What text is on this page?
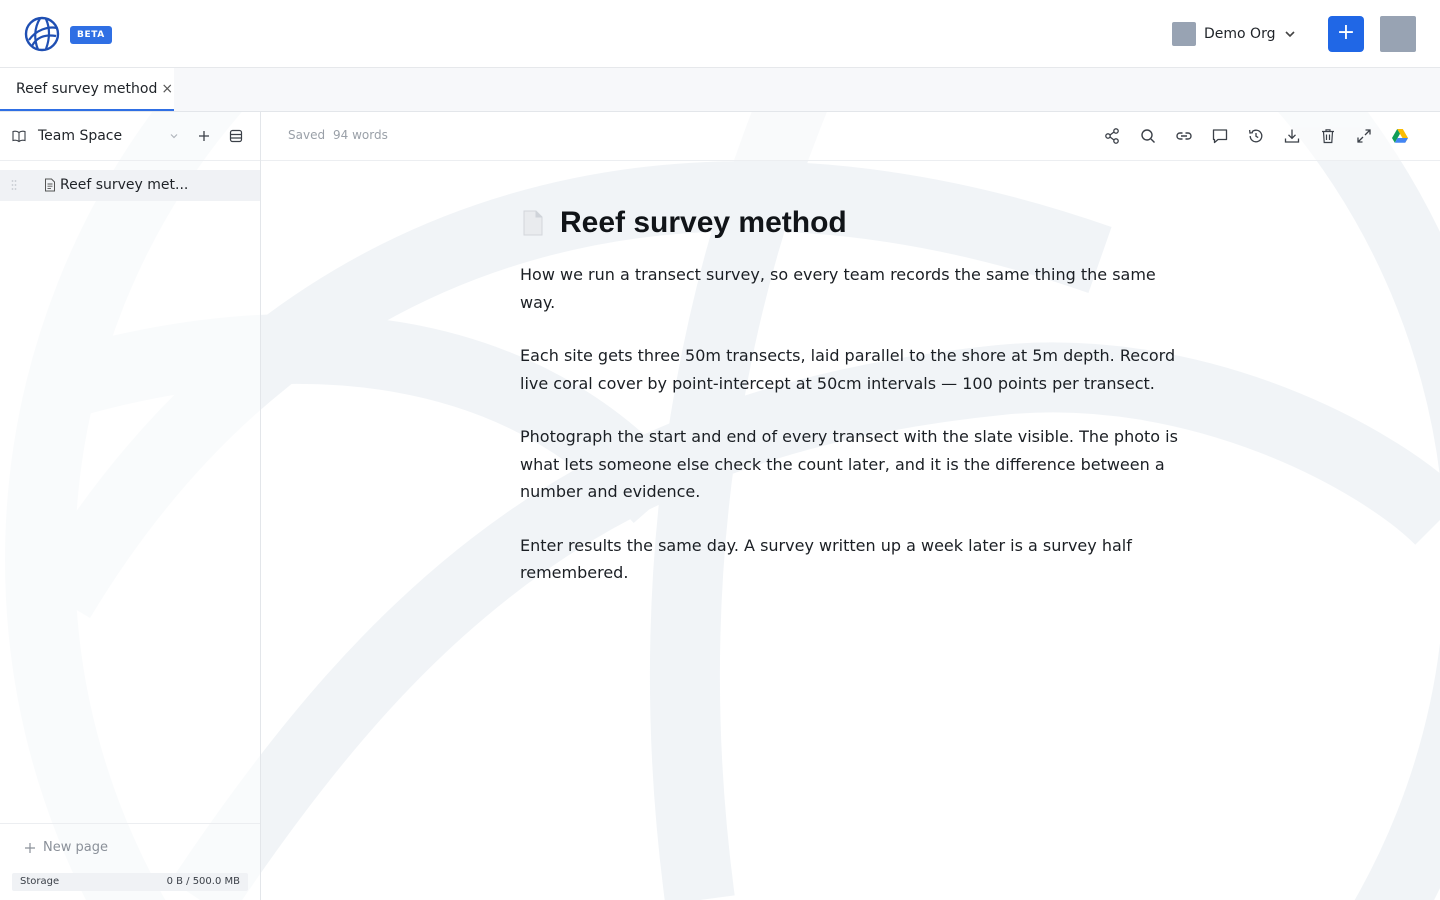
BETA	Demo Org	+
Reef survey method ×
Team Space
Reef survey met...
New page
Storage	0 B / 500.0 MB
Saved 94 words
Reef survey method

How we run a transect survey, so every team records the same thing the same way.

Each site gets three 50m transects, laid parallel to the shore at 5m depth. Record live coral cover by point-intercept at 50cm intervals — 100 points per transect.

Photograph the start and end of every transect with the slate visible. The photo is what lets someone else check the count later, and it is the difference between a number and evidence.

Enter results the same day. A survey written up a week later is a survey half remembered.
